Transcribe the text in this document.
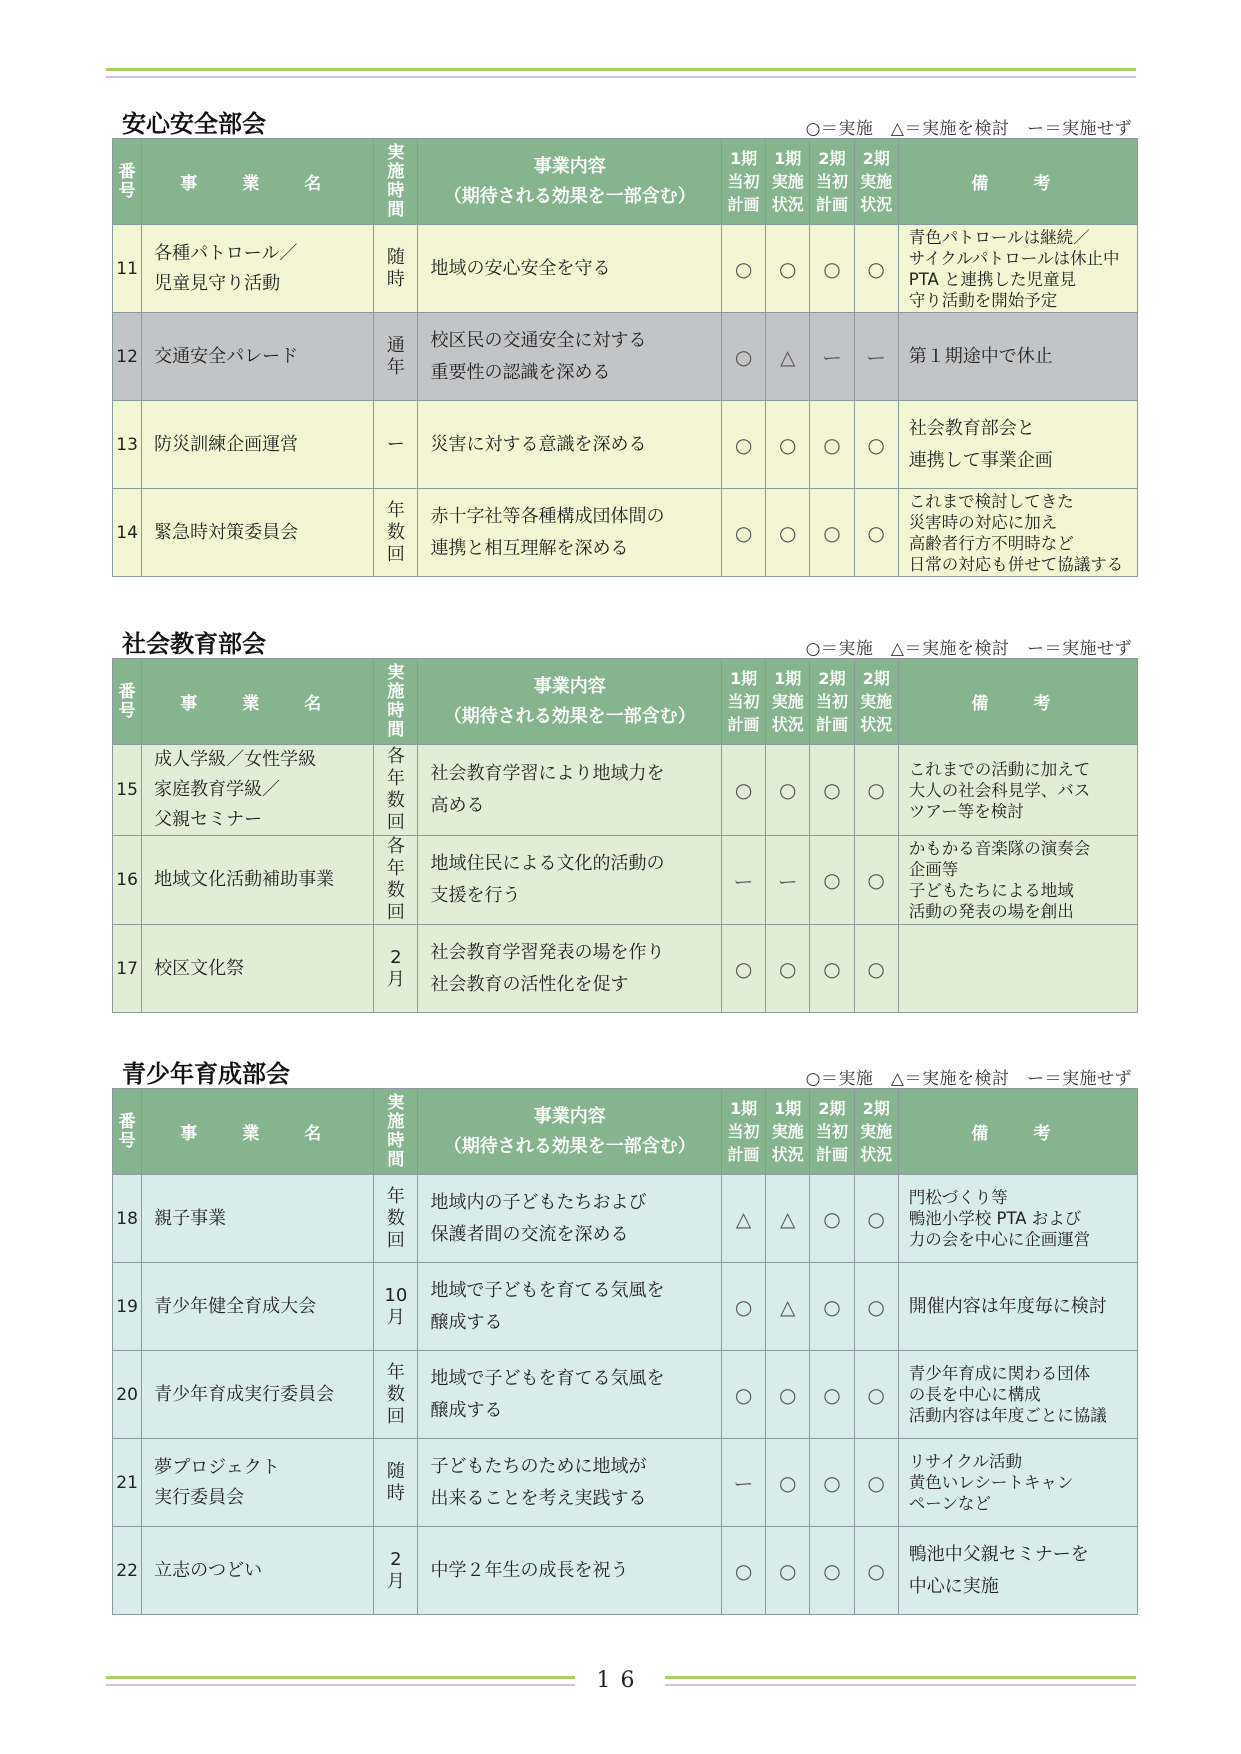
安心安全部会	○＝実施　△＝実施を検討　ー＝実施せず
番
号	事　業　名	実
施
時
間	事業内容
（期待される効果を一部含む）	1期
当初
計画	1期
実施
状況	2期
当初
計画	2期
実施
状況	備　考
11	各種パトロール／
児童見守り活動	随
時	地域の安心安全を守る	○	○	○	○	青色パトロールは継続／
サイクルパトロールは休止中
PTA と連携した児童見
守り活動を開始予定

12	交通安全パレード	通
年	校区民の交通安全に対する
重要性の認識を深める	○	△	ー	ー	第１期途中で休止

13	防災訓練企画運営	ー	災害に対する意識を深める	○	○	○	○	社会教育部会と
連携して事業企画

14	緊急時対策委員会	年
数
回	赤十字社等各種構成団体間の
連携と相互理解を深める	○	○	○	○	これまで検討してきた
災害時の対応に加え
高齢者行方不明時など
日常の対応も併せて協議する
社会教育部会	○＝実施　△＝実施を検討　ー＝実施せず
番
号	事　業　名	実
施
時
間	事業内容
（期待される効果を一部含む）	1期
当初
計画	1期
実施
状況	2期
当初
計画	2期
実施
状況	備　考
15	成人学級／女性学級
家庭教育学級／
父親セミナー	各
年
数
回	社会教育学習により地域力を
高める	○	○	○	○	これまでの活動に加えて
大人の社会科見学、バス
ツアー等を検討

16	地域文化活動補助事業	各
年
数
回	地域住民による文化的活動の
支援を行う	ー	ー	○	○	かもかる音楽隊の演奏会
企画等
子どもたちによる地域
活動の発表の場を創出

17	校区文化祭	2
月	社会教育学習発表の場を作り
社会教育の活性化を促す	○	○	○	○	
青少年育成部会	○＝実施　△＝実施を検討　ー＝実施せず
番
号	事　業　名	実
施
時
間	事業内容
（期待される効果を一部含む）	1期
当初
計画	1期
実施
状況	2期
当初
計画	2期
実施
状況	備　考
18	親子事業	年
数
回	地域内の子どもたちおよび
保護者間の交流を深める	△	△	○	○	門松づくり等
鴨池小学校 PTA および
力の会を中心に企画運営

19	青少年健全育成大会	10
月	地域で子どもを育てる気風を
醸成する	○	△	○	○	開催内容は年度毎に検討

20	青少年育成実行委員会	年
数
回	地域で子どもを育てる気風を
醸成する	○	○	○	○	青少年育成に関わる団体
の長を中心に構成
活動内容は年度ごとに協議

21	夢プロジェクト
実行委員会	随
時	子どもたちのために地域が
出来ることを考え実践する	ー	○	○	○	リサイクル活動
黄色いレシートキャン
ペーンなど

22	立志のつどい	2
月	中学２年生の成長を祝う	○	○	○	○	鴨池中父親セミナーを
中心に実施
16
